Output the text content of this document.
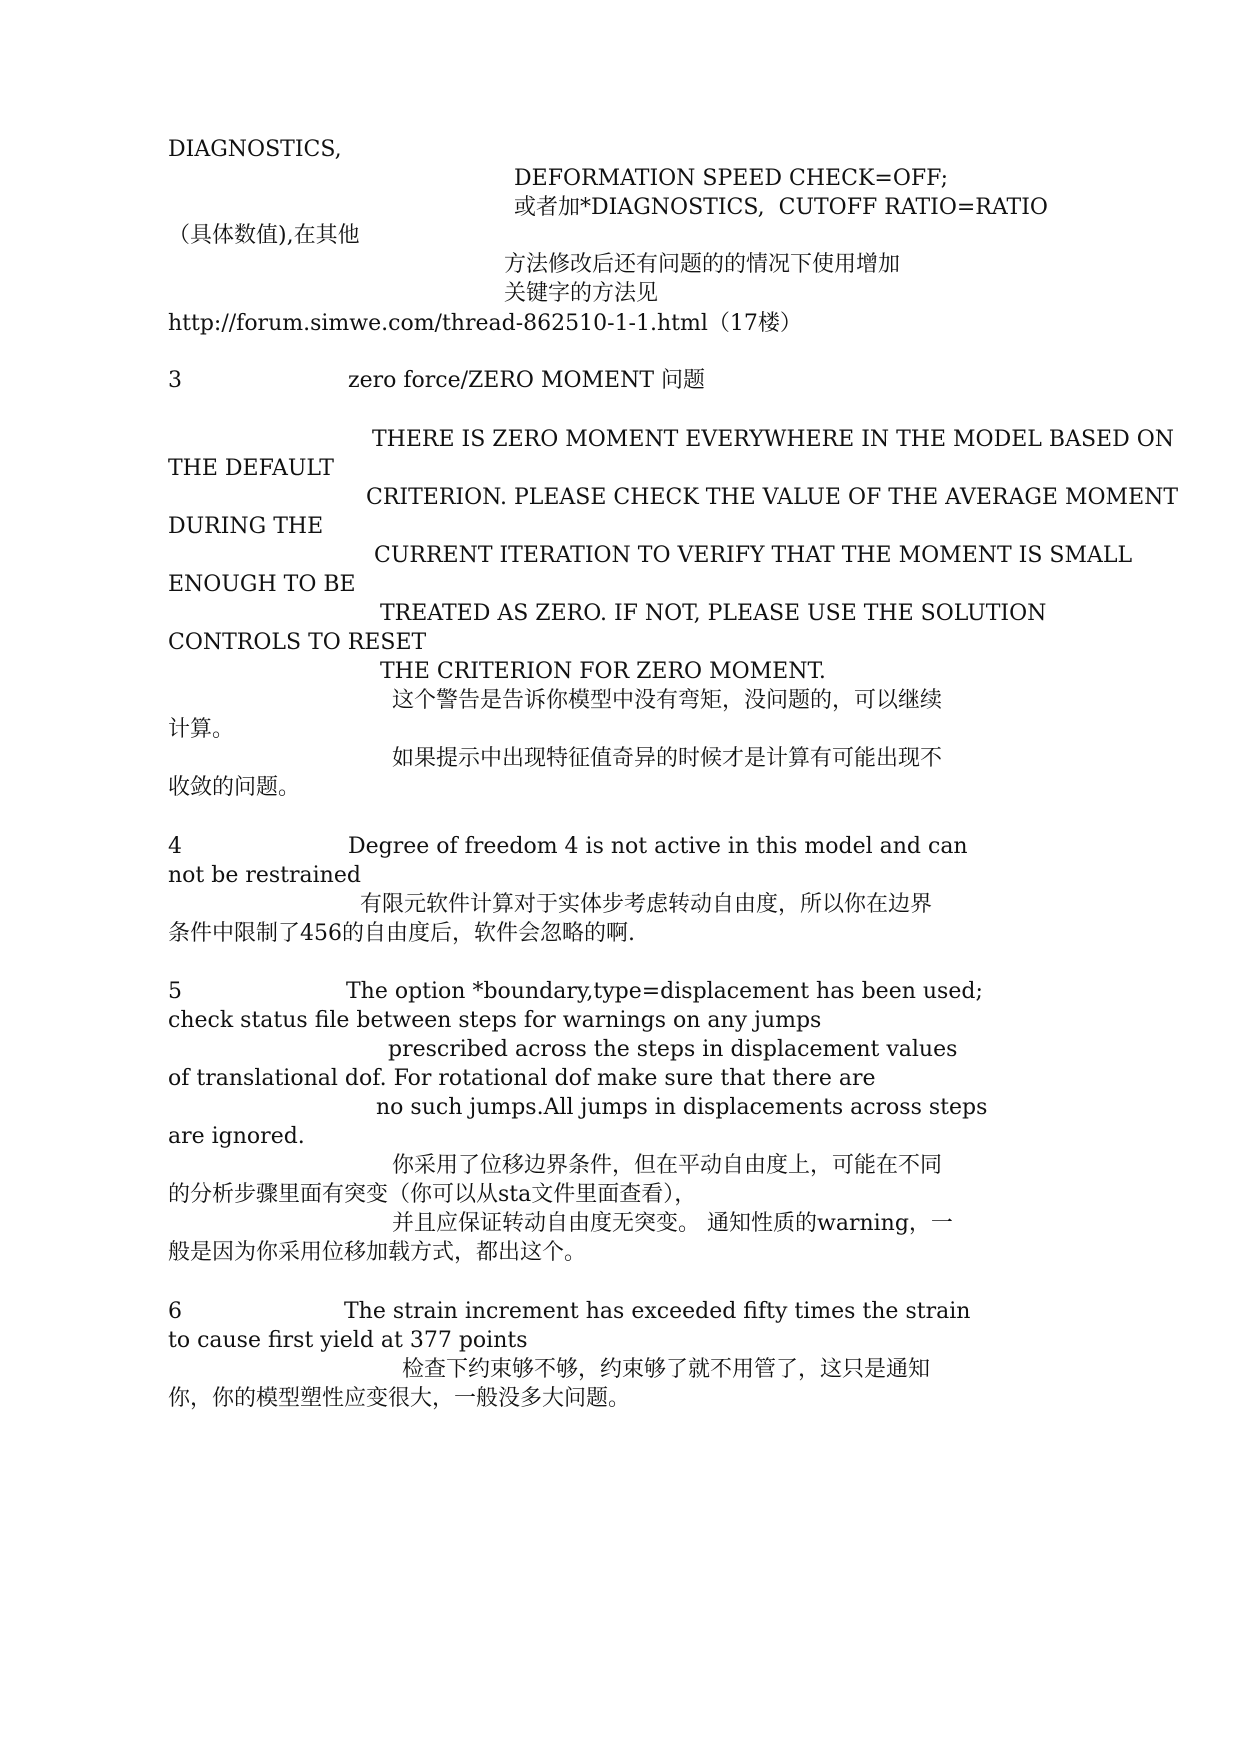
DIAGNOSTICS,
DEFORMATION SPEED CHECK=OFF;
或者加*DIAGNOSTICS,  CUTOFF RATIO=RATIO
（具体数值),在其他
方法修改后还有问题的的情况下使用增加
关键字的方法见
http://forum.simwe.com/thread-862510-1-1.html（17楼）
3	zero force/ZERO MOMENT 问题
THERE IS ZERO MOMENT EVERYWHERE IN THE MODEL BASED ON
THE DEFAULT
CRITERION. PLEASE CHECK THE VALUE OF THE AVERAGE MOMENT
DURING THE
CURRENT ITERATION TO VERIFY THAT THE MOMENT IS SMALL
ENOUGH TO BE
TREATED AS ZERO. IF NOT, PLEASE USE THE SOLUTION
CONTROLS TO RESET
THE CRITERION FOR ZERO MOMENT.
这个警告是告诉你模型中没有弯矩，没问题的，可以继续
计算。
如果提示中出现特征值奇异的时候才是计算有可能出现不
收敛的问题。
4	Degree of freedom 4 is not active in this model and can
not be restrained
有限元软件计算对于实体步考虑转动自由度，所以你在边界
条件中限制了456的自由度后，软件会忽略的啊.
5	The option *boundary,type=displacement has been used;
check status file between steps for warnings on any jumps
prescribed across the steps in displacement values
of translational dof. For rotational dof make sure that there are
no such jumps.All jumps in displacements across steps
are ignored.
你采用了位移边界条件，但在平动自由度上，可能在不同
的分析步骤里面有突变（你可以从sta文件里面查看），
并且应保证转动自由度无突变。 通知性质的warning，一
般是因为你采用位移加载方式，都出这个。
6	The strain increment has exceeded fifty times the strain
to cause first yield at 377 points
检查下约束够不够，约束够了就不用管了，这只是通知
你，你的模型塑性应变很大，一般没多大问题。
